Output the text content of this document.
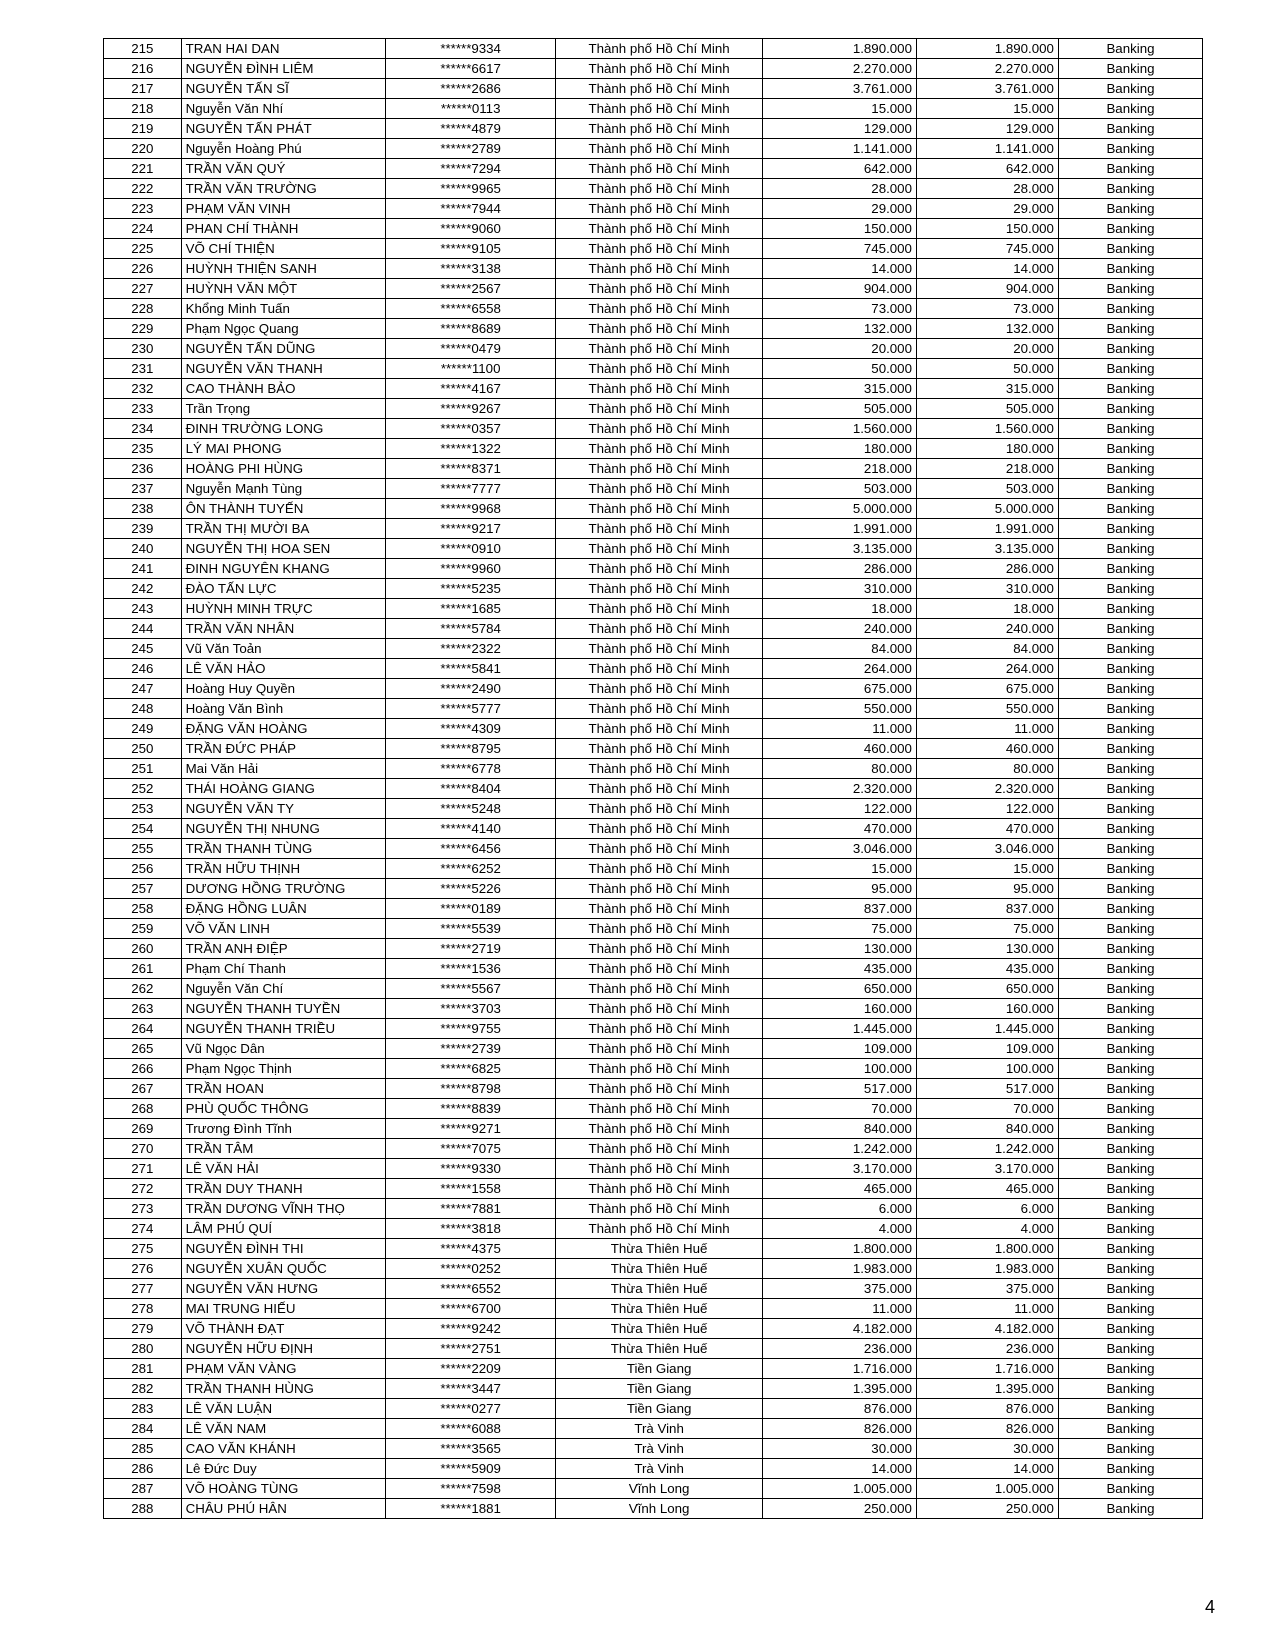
215	TRAN HAI DAN	******9334	Thành phố Hồ Chí Minh	1.890.000	1.890.000	Banking
216	NGUYỄN ĐÌNH LIÊM	******6617	Thành phố Hồ Chí Minh	2.270.000	2.270.000	Banking
217	NGUYỄN TẤN SĨ	******2686	Thành phố Hồ Chí Minh	3.761.000	3.761.000	Banking
218	Nguyễn Văn Nhí	******0113	Thành phố Hồ Chí Minh	15.000	15.000	Banking
219	NGUYỄN TẤN PHÁT	******4879	Thành phố Hồ Chí Minh	129.000	129.000	Banking
220	Nguyễn Hoàng Phú	******2789	Thành phố Hồ Chí Minh	1.141.000	1.141.000	Banking
221	TRẦN VĂN QUÝ	******7294	Thành phố Hồ Chí Minh	642.000	642.000	Banking
222	TRẦN VĂN TRƯỜNG	******9965	Thành phố Hồ Chí Minh	28.000	28.000	Banking
223	PHẠM VĂN VINH	******7944	Thành phố Hồ Chí Minh	29.000	29.000	Banking
224	PHAN CHÍ THÀNH	******9060	Thành phố Hồ Chí Minh	150.000	150.000	Banking
225	VÕ CHÍ THIỆN	******9105	Thành phố Hồ Chí Minh	745.000	745.000	Banking
226	HUỲNH THIỆN SANH	******3138	Thành phố Hồ Chí Minh	14.000	14.000	Banking
227	HUỲNH VĂN MỘT	******2567	Thành phố Hồ Chí Minh	904.000	904.000	Banking
228	Khổng Minh Tuấn	******6558	Thành phố Hồ Chí Minh	73.000	73.000	Banking
229	Phạm Ngọc Quang	******8689	Thành phố Hồ Chí Minh	132.000	132.000	Banking
230	NGUYỄN TẤN DŨNG	******0479	Thành phố Hồ Chí Minh	20.000	20.000	Banking
231	NGUYỄN VĂN THANH	******1100	Thành phố Hồ Chí Minh	50.000	50.000	Banking
232	CAO THÀNH BẢO	******4167	Thành phố Hồ Chí Minh	315.000	315.000	Banking
233	Trần Trọng	******9267	Thành phố Hồ Chí Minh	505.000	505.000	Banking
234	ĐINH TRƯỜNG LONG	******0357	Thành phố Hồ Chí Minh	1.560.000	1.560.000	Banking
235	LÝ MAI PHONG	******1322	Thành phố Hồ Chí Minh	180.000	180.000	Banking
236	HOÀNG PHI HÙNG	******8371	Thành phố Hồ Chí Minh	218.000	218.000	Banking
237	Nguyễn Mạnh Tùng	******7777	Thành phố Hồ Chí Minh	503.000	503.000	Banking
238	ÔN THÀNH TUYẾN	******9968	Thành phố Hồ Chí Minh	5.000.000	5.000.000	Banking
239	TRẦN THỊ MƯỜI BA	******9217	Thành phố Hồ Chí Minh	1.991.000	1.991.000	Banking
240	NGUYỄN THỊ HOA SEN	******0910	Thành phố Hồ Chí Minh	3.135.000	3.135.000	Banking
241	ĐINH NGUYÊN KHANG	******9960	Thành phố Hồ Chí Minh	286.000	286.000	Banking
242	ĐÀO TẤN LỰC	******5235	Thành phố Hồ Chí Minh	310.000	310.000	Banking
243	HUỲNH MINH TRỰC	******1685	Thành phố Hồ Chí Minh	18.000	18.000	Banking
244	TRẦN VĂN NHÂN	******5784	Thành phố Hồ Chí Minh	240.000	240.000	Banking
245	Vũ Văn Toản	******2322	Thành phố Hồ Chí Minh	84.000	84.000	Banking
246	LÊ VĂN HẢO	******5841	Thành phố Hồ Chí Minh	264.000	264.000	Banking
247	Hoàng Huy Quyền	******2490	Thành phố Hồ Chí Minh	675.000	675.000	Banking
248	Hoàng Văn Bình	******5777	Thành phố Hồ Chí Minh	550.000	550.000	Banking
249	ĐẶNG VĂN HOÀNG	******4309	Thành phố Hồ Chí Minh	11.000	11.000	Banking
250	TRẦN ĐỨC PHÁP	******8795	Thành phố Hồ Chí Minh	460.000	460.000	Banking
251	Mai Văn Hải	******6778	Thành phố Hồ Chí Minh	80.000	80.000	Banking
252	THÁI HOÀNG GIANG	******8404	Thành phố Hồ Chí Minh	2.320.000	2.320.000	Banking
253	NGUYỄN VĂN TY	******5248	Thành phố Hồ Chí Minh	122.000	122.000	Banking
254	NGUYỄN THỊ NHUNG	******4140	Thành phố Hồ Chí Minh	470.000	470.000	Banking
255	TRẦN THANH TÙNG	******6456	Thành phố Hồ Chí Minh	3.046.000	3.046.000	Banking
256	TRẦN HỮU THỊNH	******6252	Thành phố Hồ Chí Minh	15.000	15.000	Banking
257	DƯƠNG HỒNG TRƯỜNG	******5226	Thành phố Hồ Chí Minh	95.000	95.000	Banking
258	ĐẶNG HỒNG LUÂN	******0189	Thành phố Hồ Chí Minh	837.000	837.000	Banking
259	VÕ VĂN LINH	******5539	Thành phố Hồ Chí Minh	75.000	75.000	Banking
260	TRẦN ANH ĐIỆP	******2719	Thành phố Hồ Chí Minh	130.000	130.000	Banking
261	Phạm Chí Thanh	******1536	Thành phố Hồ Chí Minh	435.000	435.000	Banking
262	Nguyễn Văn Chí	******5567	Thành phố Hồ Chí Minh	650.000	650.000	Banking
263	NGUYỄN THANH TUYỀN	******3703	Thành phố Hồ Chí Minh	160.000	160.000	Banking
264	NGUYỄN THANH TRIỀU	******9755	Thành phố Hồ Chí Minh	1.445.000	1.445.000	Banking
265	Vũ Ngọc Dân	******2739	Thành phố Hồ Chí Minh	109.000	109.000	Banking
266	Phạm Ngọc Thịnh	******6825	Thành phố Hồ Chí Minh	100.000	100.000	Banking
267	TRẦN HOAN	******8798	Thành phố Hồ Chí Minh	517.000	517.000	Banking
268	PHÙ QUỐC THÔNG	******8839	Thành phố Hồ Chí Minh	70.000	70.000	Banking
269	Trương Đình Tĩnh	******9271	Thành phố Hồ Chí Minh	840.000	840.000	Banking
270	TRẦN TÂM	******7075	Thành phố Hồ Chí Minh	1.242.000	1.242.000	Banking
271	LÊ VĂN HẢI	******9330	Thành phố Hồ Chí Minh	3.170.000	3.170.000	Banking
272	TRẦN DUY THANH	******1558	Thành phố Hồ Chí Minh	465.000	465.000	Banking
273	TRẦN DƯƠNG VĨNH THỌ	******7881	Thành phố Hồ Chí Minh	6.000	6.000	Banking
274	LÂM PHÚ QUÍ	******3818	Thành phố Hồ Chí Minh	4.000	4.000	Banking
275	NGUYỄN ĐÌNH THI	******4375	Thừa Thiên Huế	1.800.000	1.800.000	Banking
276	NGUYỄN XUÂN QUỐC	******0252	Thừa Thiên Huế	1.983.000	1.983.000	Banking
277	NGUYỄN VĂN HƯNG	******6552	Thừa Thiên Huế	375.000	375.000	Banking
278	MAI TRUNG HIẾU	******6700	Thừa Thiên Huế	11.000	11.000	Banking
279	VÕ THÀNH ĐẠT	******9242	Thừa Thiên Huế	4.182.000	4.182.000	Banking
280	NGUYỄN HỮU ĐỊNH	******2751	Thừa Thiên Huế	236.000	236.000	Banking
281	PHẠM VĂN VÀNG	******2209	Tiền Giang	1.716.000	1.716.000	Banking
282	TRẦN THANH HÙNG	******3447	Tiền Giang	1.395.000	1.395.000	Banking
283	LÊ VĂN LUẬN	******0277	Tiền Giang	876.000	876.000	Banking
284	LÊ VĂN NAM	******6088	Trà Vinh	826.000	826.000	Banking
285	CAO VĂN KHÁNH	******3565	Trà Vinh	30.000	30.000	Banking
286	Lê Đức Duy	******5909	Trà Vinh	14.000	14.000	Banking
287	VÕ HOÀNG TÙNG	******7598	Vĩnh Long	1.005.000	1.005.000	Banking
288	CHÂU PHÚ HÂN	******1881	Vĩnh Long	250.000	250.000	Banking
4
